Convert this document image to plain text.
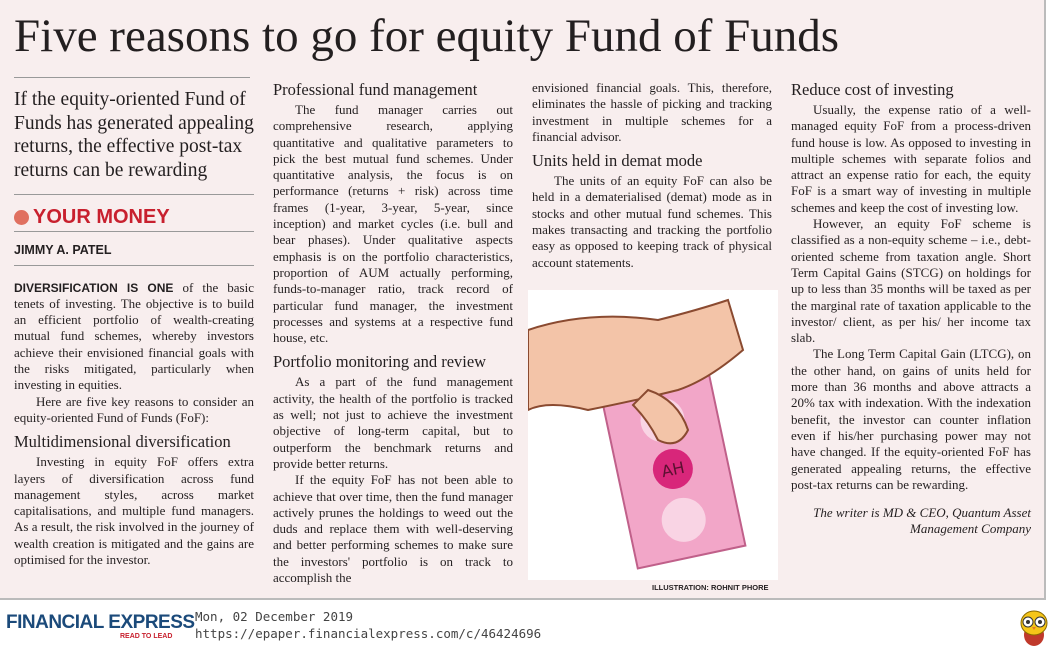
Five reasons to go for equity Fund of Funds
If the equity-oriented Fund of Funds has generated appealing returns, the effective post-tax returns can be rewarding
YOUR MONEY
JIMMY A. PATEL

DIVERSIFICATION IS ONE of the basic tenets of investing. The objective is to build an efficient portfolio of wealth-creating mutual fund schemes, whereby investors achieve their envisioned financial goals with the risks mitigated, particularly when investing in equities.

Here are five key reasons to consider an equity-oriented Fund of Funds (FoF):

Multidimensional diversification

Investing in equity FoF offers extra layers of diversification across fund management styles, across market capitalisations, and multiple fund managers. As a result, the risk involved in the journey of wealth creation is mitigated and the gains are optimised for the investor.

Professional fund management

The fund manager carries out comprehensive research, applying quantitative and qualitative parameters to pick the best mutual fund schemes. Under quantitative analysis, the focus is on performance (returns + risk) across time frames (1-year, 3-year, 5-year, since inception) and market cycles (i.e. bull and bear phases). Under qualitative aspects emphasis is on the portfolio characteristics, proportion of AUM actually performing, funds-to-manager ratio, track record of particular fund manager, the investment processes and systems at a respective fund house, etc.

Portfolio monitoring and review

As a part of the fund management activity, the health of the portfolio is tracked as well; not just to achieve the investment objective of long-term capital, but to outperform the benchmark returns and provide better returns.

If the equity FoF has not been able to achieve that over time, then the fund manager actively prunes the holdings to weed out the duds and replace them with well-deserving and better performing schemes to make sure the investors' portfolio is on track to accomplish the

envisioned financial goals. This, therefore, eliminates the hassle of picking and tracking investment in multiple schemes for a financial advisor.

Units held in demat mode

The units of an equity FoF can also be held in a dematerialised (demat) mode as in stocks and other mutual fund schemes. This makes transacting and tracking the portfolio easy as opposed to keeping track of physical account statements.

AH
ILLUSTRATION: ROHNIT PHORE
Reduce cost of investing

Usually, the expense ratio of a well-managed equity FoF from a process-driven fund house is low. As opposed to investing in multiple schemes with separate folios and attract an expense ratio for each, the equity FoF is a smart way of investing in multiple schemes and keep the cost of investing low.

However, an equity FoF scheme is classified as a non-equity scheme – i.e., debt-oriented scheme from taxation angle. Short Term Capital Gains (STCG) on holdings for up to less than 35 months will be taxed as per the marginal rate of taxation applicable to the investor/ client, as per his/ her income tax slab.

The Long Term Capital Gain (LTCG), on the other hand, on gains of units held for more than 36 months and above attracts a 20% tax with indexation. With the indexation benefit, the investor can counter inflation even if his/her purchasing power may not have changed. If the equity-oriented FoF has generated appealing returns, the effective post-tax returns can be rewarding.

The writer is MD & CEO, Quantum Asset Management Company
FINANCIAL EXPRESS
READ TO LEAD
Mon, 02 December 2019
https://epaper.financialexpress.com/c/46424696
